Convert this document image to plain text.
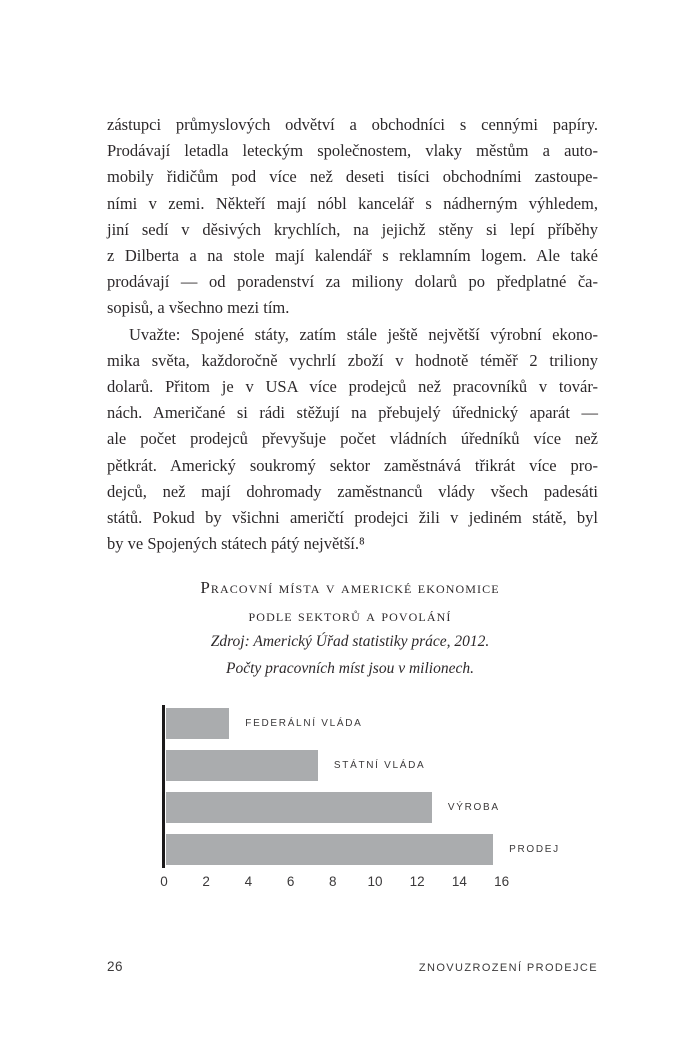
zástupci průmyslových odvětví a obchodníci s cennými papíry.
Prodávají letadla leteckým společnostem, vlaky městům a auto-
mobily řidičům pod více než deseti tisíci obchodními zastoupe-
ními v zemi. Někteří mají nóbl kancelář s nádherným výhledem,
jiní sedí v děsivých krychlích, na jejichž stěny si lepí příběhy
z Dilberta a na stole mají kalendář s reklamním logem. Ale také
prodávají — od poradenství za miliony dolarů po předplatné ča-
sopisů, a všechno mezi tím.
Uvažte: Spojené státy, zatím stále ještě největší výrobní ekono-
mika světa, každoročně vychrlí zboží v hodnotě téměř 2 triliony
dolarů. Přitom je v USA více prodejců než pracovníků v továr-
nách. Američané si rádi stěžují na přebujelý úřednický aparát —
ale počet prodejců převyšuje počet vládních úředníků více než
pětkrát. Americký soukromý sektor zaměstnává třikrát více pro-
dejců, než mají dohromady zaměstnanců vlády všech padesáti
států. Pokud by všichni američtí prodejci žili v jediném státě, byl
by ve Spojených státech pátý největší.⁸
Pracovní místa v americké ekonomice
podle sektorů a povolání
Zdroj: Americký Úřad statistiky práce, 2012.
Počty pracovních míst jsou v milionech.
FEDERÁLNÍ VLÁDA
STÁTNÍ VLÁDA
VÝROBA
PRODEJ
0	2	4	6	8 10 12 14 16
26	ZNOVUZROZENÍ PRODEJCE
